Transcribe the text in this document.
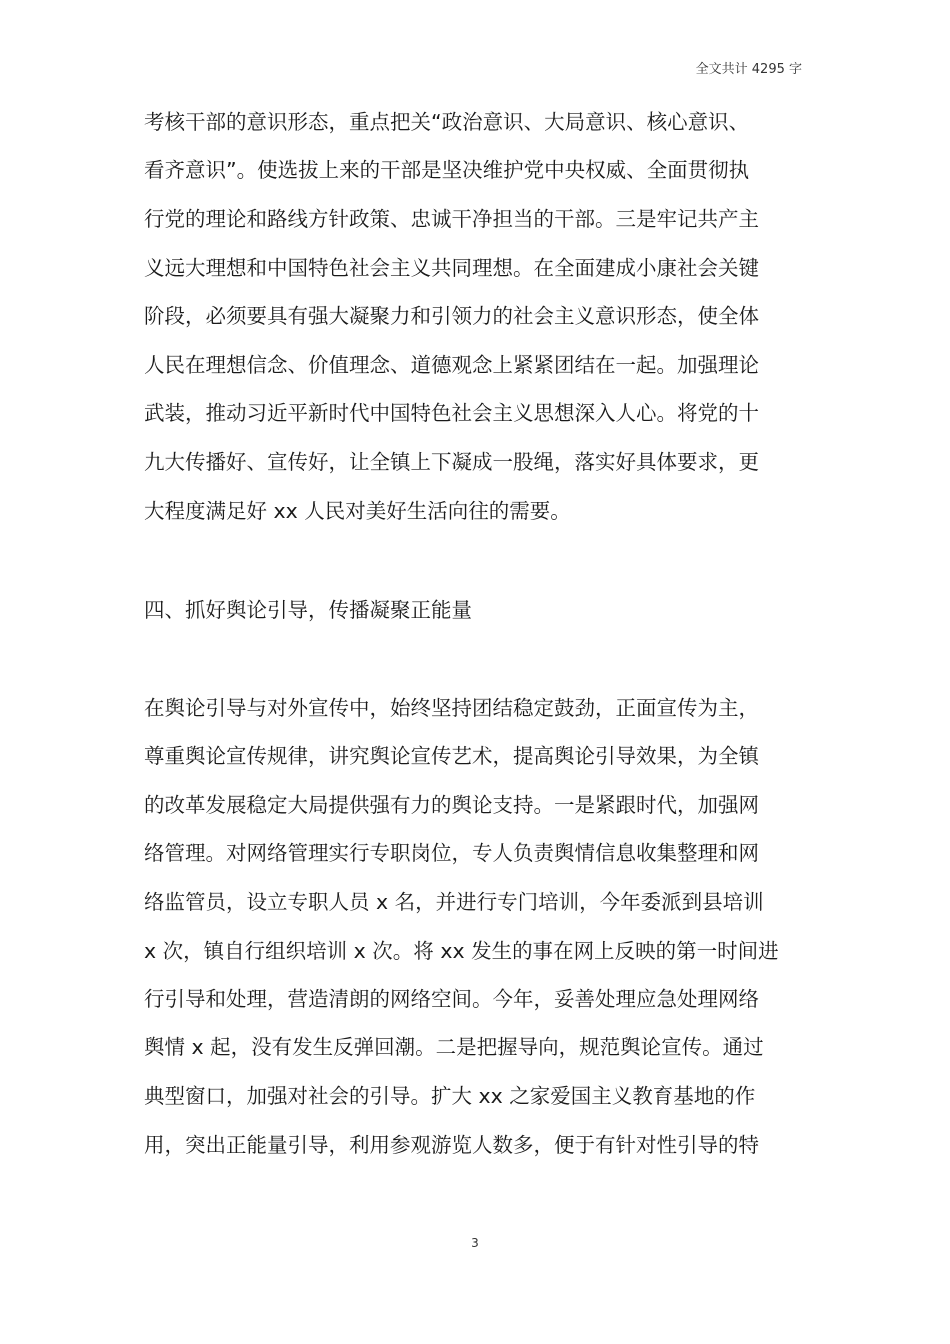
全文共计 4295 字
考核干部的意识形态，重点把关“政治意识、大局意识、核心意识、
看齐意识”。使选拔上来的干部是坚决维护党中央权威、全面贯彻执
行党的理论和路线方针政策、忠诚干净担当的干部。三是牢记共产主
义远大理想和中国特色社会主义共同理想。在全面建成小康社会关键
阶段，必须要具有强大凝聚力和引领力的社会主义意识形态，使全体
人民在理想信念、价值理念、道德观念上紧紧团结在一起。加强理论
武装，推动习近平新时代中国特色社会主义思想深入人心。将党的十
九大传播好、宣传好，让全镇上下凝成一股绳，落实好具体要求，更
大程度满足好 xx 人民对美好生活向往的需要。
四、抓好舆论引导，传播凝聚正能量
在舆论引导与对外宣传中，始终坚持团结稳定鼓劲，正面宣传为主，
尊重舆论宣传规律，讲究舆论宣传艺术，提高舆论引导效果，为全镇
的改革发展稳定大局提供强有力的舆论支持。一是紧跟时代，加强网
络管理。对网络管理实行专职岗位，专人负责舆情信息收集整理和网
络监管员，设立专职人员 x 名，并进行专门培训，今年委派到县培训
x 次，镇自行组织培训 x 次。将 xx 发生的事在网上反映的第一时间进
行引导和处理，营造清朗的网络空间。今年，妥善处理应急处理网络
舆情 x 起，没有发生反弹回潮。二是把握导向，规范舆论宣传。通过
典型窗口，加强对社会的引导。扩大 xx 之家爱国主义教育基地的作
用，突出正能量引导，利用参观游览人数多，便于有针对性引导的特
3
